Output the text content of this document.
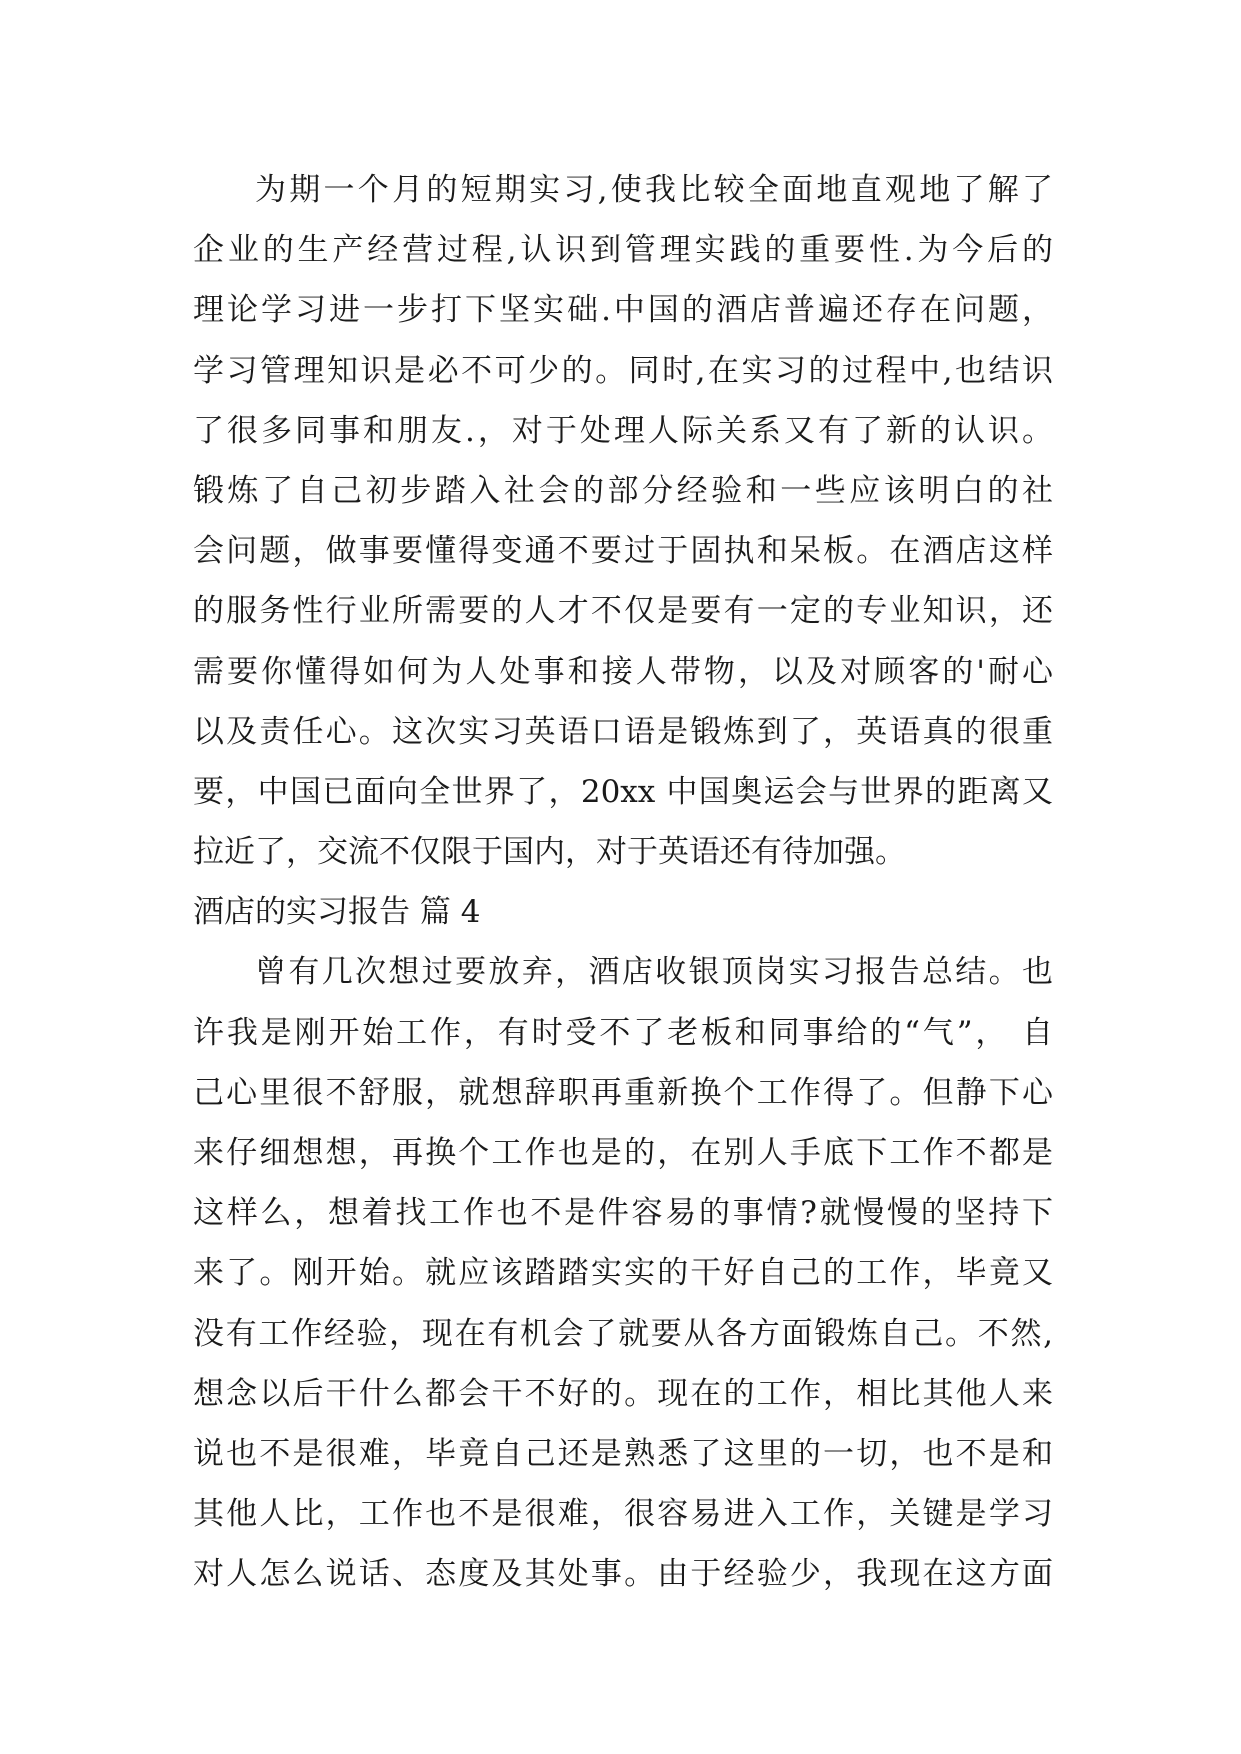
为期一个月的短期实习,使我比较全面地直观地了解了
企业的生产经营过程,认识到管理实践的重要性.为今后的
理论学习进一步打下坚实础.中国的酒店普遍还存在问题，
学习管理知识是必不可少的。同时,在实习的过程中,也结识
了很多同事和朋友.，对于处理人际关系又有了新的认识。
锻炼了自己初步踏入社会的部分经验和一些应该明白的社
会问题，做事要懂得变通不要过于固执和呆板。在酒店这样
的服务性行业所需要的人才不仅是要有一定的专业知识，还
需要你懂得如何为人处事和接人带物，以及对顾客的'耐心
以及责任心。这次实习英语口语是锻炼到了，英语真的很重
要，中国已面向全世界了，20xx 中国奥运会与世界的距离又
拉近了，交流不仅限于国内，对于英语还有待加强。
酒店的实习报告 篇 4
曾有几次想过要放弃，酒店收银顶岗实习报告总结。也
许我是刚开始工作，有时受不了老板和同事给的“气”， 自
己心里很不舒服，就想辞职再重新换个工作得了。但静下心
来仔细想想，再换个工作也是的，在别人手底下工作不都是
这样么，想着找工作也不是件容易的事情?就慢慢的坚持下
来了。刚开始。就应该踏踏实实的干好自己的工作，毕竟又
没有工作经验，现在有机会了就要从各方面锻炼自己。不然,
想念以后干什么都会干不好的。现在的工作，相比其他人来
说也不是很难，毕竟自己还是熟悉了这里的一切，也不是和
其他人比，工作也不是很难，很容易进入工作，关键是学习
对人怎么说话、态度及其处事。由于经验少，我现在这方面
